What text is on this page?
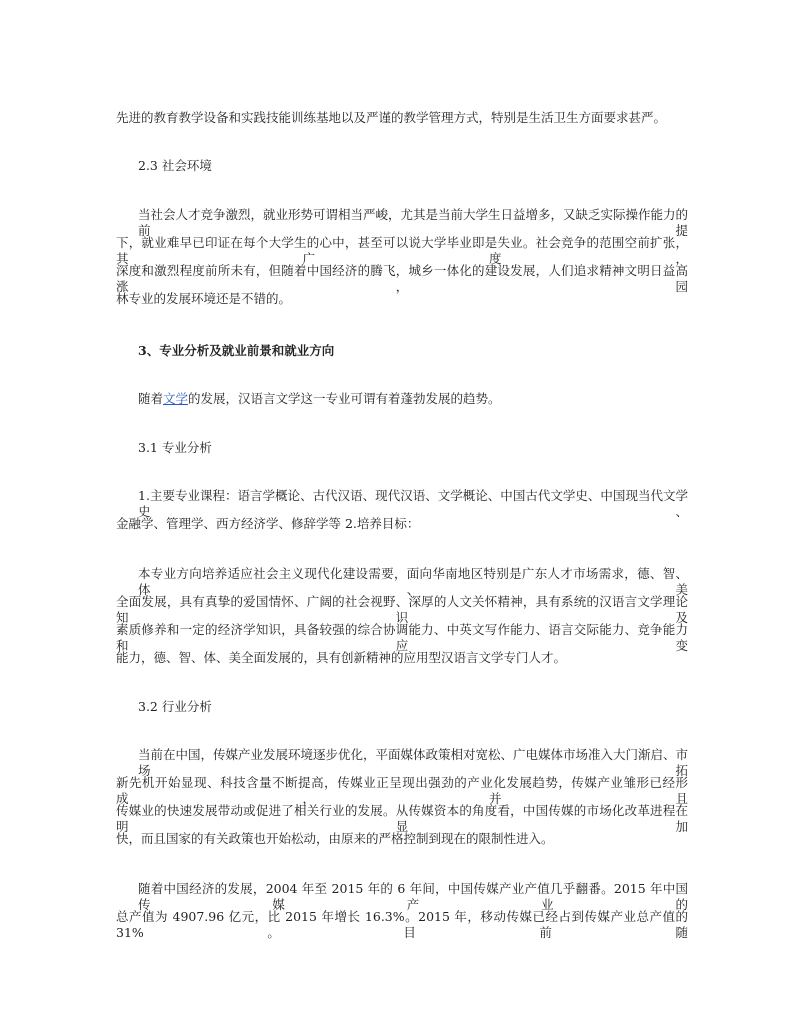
先进的教育教学设备和实践技能训练基地以及严谨的教学管理方式，特别是生活卫生方面要求甚严。
2.3 社会环境
当社会人才竞争激烈，就业形势可谓相当严峻，尤其是当前大学生日益增多，又缺乏实际操作能力的前提
下，就业难早已印证在每个大学生的心中，甚至可以说大学毕业即是失业。社会竞争的范围空前扩张，其广度，
深度和激烈程度前所未有，但随着中国经济的腾飞，城乡一体化的建设发展，人们追求精神文明日益高涨，园
林专业的发展环境还是不错的。
3、专业分析及就业前景和就业方向
随着文学的发展，汉语言文学这一专业可谓有着蓬勃发展的趋势。
3.1 专业分析
1.主要专业课程：语言学概论、古代汉语、现代汉语、文学概论、中国古代文学史、中国现当代文学史、
金融学、管理学、西方经济学、修辞学等 2.培养目标：
本专业方向培养适应社会主义现代化建设需要，面向华南地区特别是广东人才市场需求，德、智、体、美
全面发展，具有真挚的爱国情怀、广阔的社会视野、深厚的人文关怀精神，具有系统的汉语言文学理论知识及
素质修养和一定的经济学知识，具备较强的综合协调能力、中英文写作能力、语言交际能力、竞争能力和应变
能力，德、智、体、美全面发展的，具有创新精神的应用型汉语言文学专门人才。
3.2 行业分析
当前在中国，传媒产业发展环境逐步优化，平面媒体政策相对宽松、广电媒体市场准入大门渐启、市场拓
新先机开始显现、科技含量不断提高，传媒业正呈现出强劲的产业化发展趋势，传媒产业雏形已经形成，并且
传媒业的快速发展带动或促进了相关行业的发展。从传媒资本的角度看，中国传媒的市场化改革进程在明显加
快，而且国家的有关政策也开始松动，由原来的严格控制到现在的限制性进入。
随着中国经济的发展，2004 年至 2015 年的 6 年间，中国传媒产业产值几乎翻番。2015 年中国传媒产业的
总产值为 4907.96 亿元，比 2015 年增长 16.3%。2015 年，移动传媒已经占到传媒产业总产值的 31%。目前随
